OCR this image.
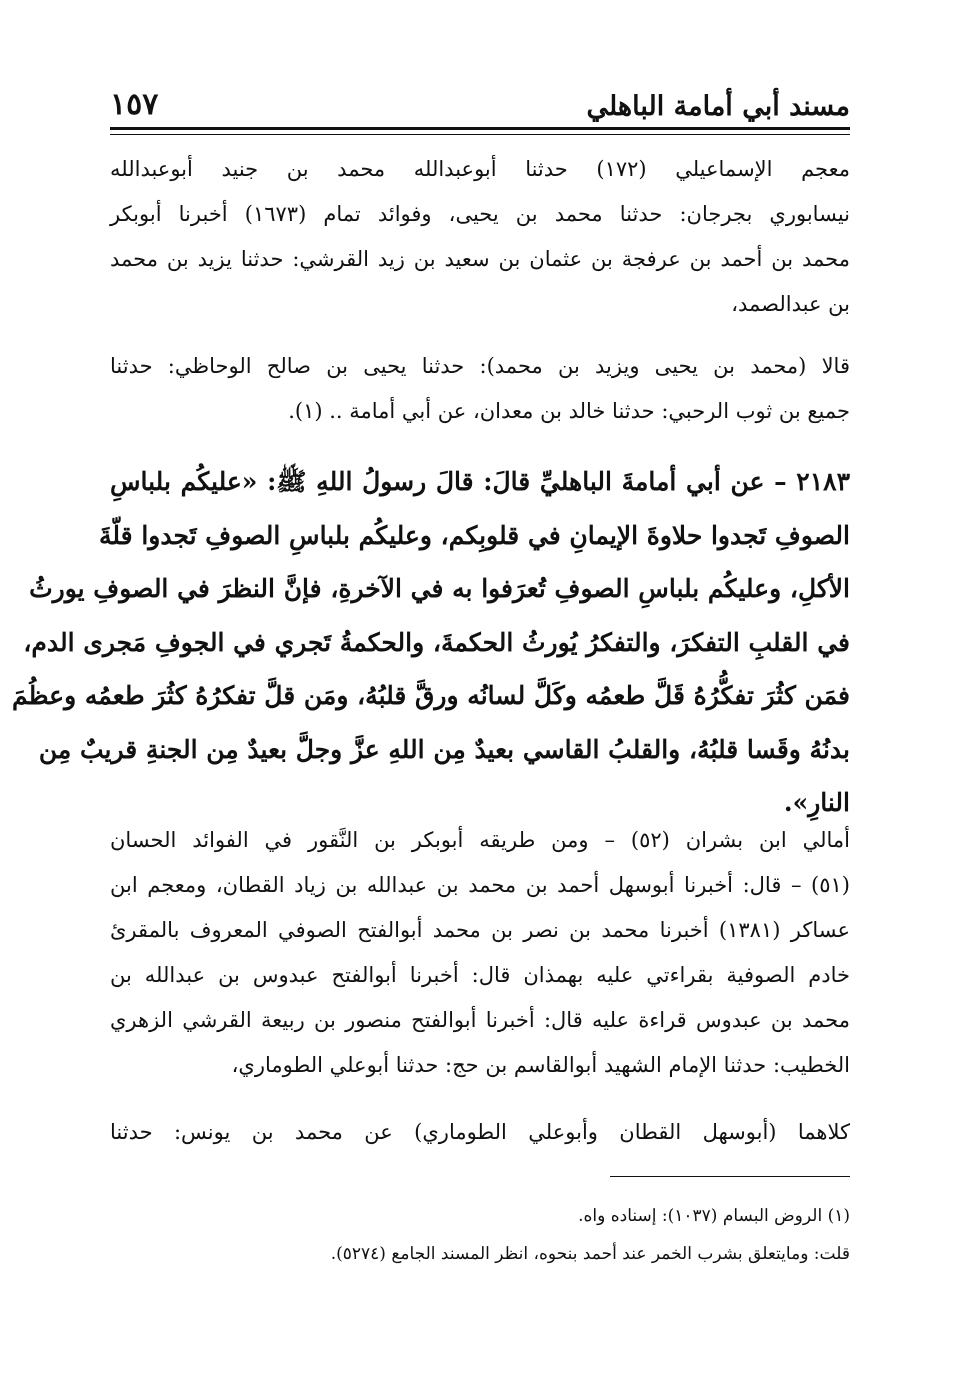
١٥٧	مسند أبي أمامة الباهلي

معجم الإسماعيلي (١٧٢) حدثنا أبوعبدالله محمد بن جنيد أبوعبدالله
نيسابوري بجرجان: حدثنا محمد بن يحيى، وفوائد تمام (١٦٧٣) أخبرنا أبوبكر
محمد بن أحمد بن عرفجة بن عثمان بن سعيد بن زيد القرشي: حدثنا يزيد بن محمد
بن عبدالصمد،

قالا (محمد بن يحيى ويزيد بن محمد): حدثنا يحيى بن صالح الوحاظي: حدثنا
جميع بن ثوب الرحبي: حدثنا خالد بن معدان، عن أبي أمامة .. (١).

٢١٨٣ – عن أبي أمامةَ الباهليِّ قالَ: قالَ رسولُ اللهِ ﷺ: «عليكُم بلباسِ
الصوفِ تَجدوا حلاوةَ الإيمانِ في قلوبِكم، وعليكُم بلباسِ الصوفِ تَجدوا قلّةَ
الأكلِ، وعليكُم بلباسِ الصوفِ تُعرَفوا به في الآخرةِ، فإنَّ النظرَ في الصوفِ يورثُ
في القلبِ التفكرَ، والتفكرُ يُورثُ الحكمةَ، والحكمةُ تَجري في الجوفِ مَجرى الدم،
فمَن كثُرَ تفكُّرُهُ قَلَّ طعمُه وكَلَّ لسانُه ورقَّ قلبُهُ، ومَن قلَّ تفكرُهُ كثُرَ طعمُه وعظُمَ
بدنُهُ وقَسا قلبُهُ، والقلبُ القاسي بعيدٌ مِن اللهِ عزَّ وجلَّ بعيدٌ مِن الجنةِ قريبٌ مِن
النارِ».

أمالي ابن بشران (٥٢) – ومن طريقه أبوبكر بن النَّقور في الفوائد الحسان
(٥١) – قال: أخبرنا أبوسهل أحمد بن محمد بن عبدالله بن زياد القطان، ومعجم ابن
عساكر (١٣٨١) أخبرنا محمد بن نصر بن محمد أبوالفتح الصوفي المعروف بالمقرئ
خادم الصوفية بقراءتي عليه بهمذان قال: أخبرنا أبوالفتح عبدوس بن عبدالله بن
محمد بن عبدوس قراءة عليه قال: أخبرنا أبوالفتح منصور بن ربيعة القرشي الزهري
الخطيب: حدثنا الإمام الشهيد أبوالقاسم بن حج: حدثنا أبوعلي الطوماري،

كلاهما (أبوسهل القطان وأبوعلي الطوماري) عن محمد بن يونس: حدثنا

(١) الروض البسام (١٠٣٧): إسناده واه.
قلت: ومايتعلق بشرب الخمر عند أحمد بنحوه، انظر المسند الجامع (٥٢٧٤).
